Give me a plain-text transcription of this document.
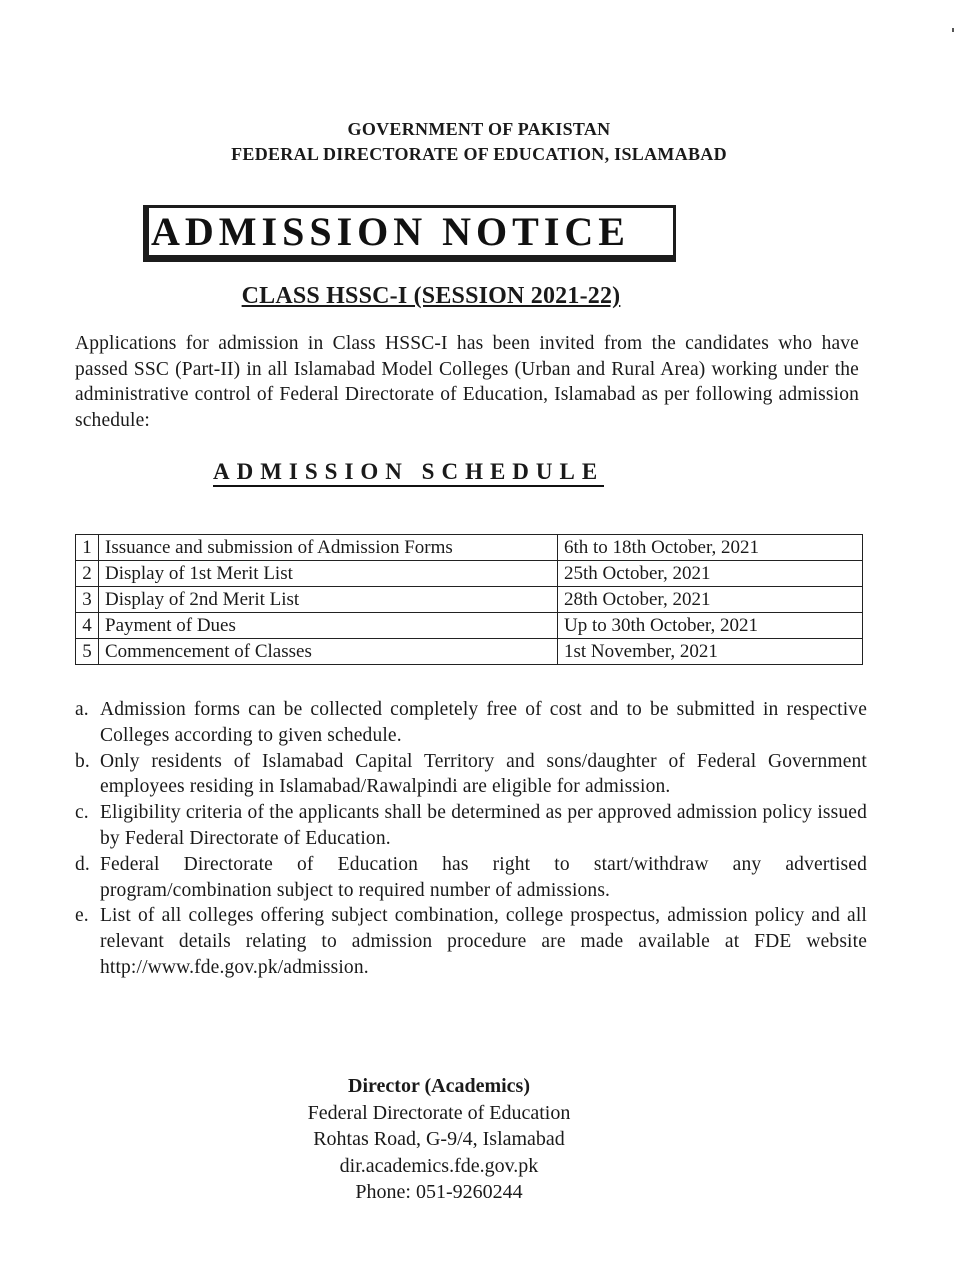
GOVERNMENT OF PAKISTAN
FEDERAL DIRECTORATE OF EDUCATION, ISLAMABAD
ADMISSION NOTICE
CLASS HSSC-I (SESSION 2021-22)
Applications for admission in Class HSSC-I has been invited from the candidates who have passed SSC (Part-II) in all Islamabad Model Colleges (Urban and Rural Area) working under the administrative control of Federal Directorate of Education, Islamabad as per following admission schedule:
ADMISSION SCHEDULE
1	Issuance and submission of Admission Forms	6th to 18th October, 2021
2	Display of 1st Merit List	25th October, 2021
3	Display of 2nd Merit List	28th October, 2021
4	Payment of Dues	Up to 30th October, 2021
5	Commencement of Classes	1st November, 2021
a. Admission forms can be collected completely free of cost and to be submitted in respective Colleges according to given schedule.
b. Only residents of Islamabad Capital Territory and sons/daughter of Federal Government employees residing in Islamabad/Rawalpindi are eligible for admission.
c. Eligibility criteria of the applicants shall be determined as per approved admission policy issued by Federal Directorate of Education.
d. Federal Directorate of Education has right to start/withdraw any advertised program/combination subject to required number of admissions.
e. List of all colleges offering subject combination, college prospectus, admission policy and all relevant details relating to admission procedure are made available at FDE website http://www.fde.gov.pk/admission.
Director (Academics)
Federal Directorate of Education
Rohtas Road, G-9/4, Islamabad
dir.academics.fde.gov.pk
Phone: 051-9260244
